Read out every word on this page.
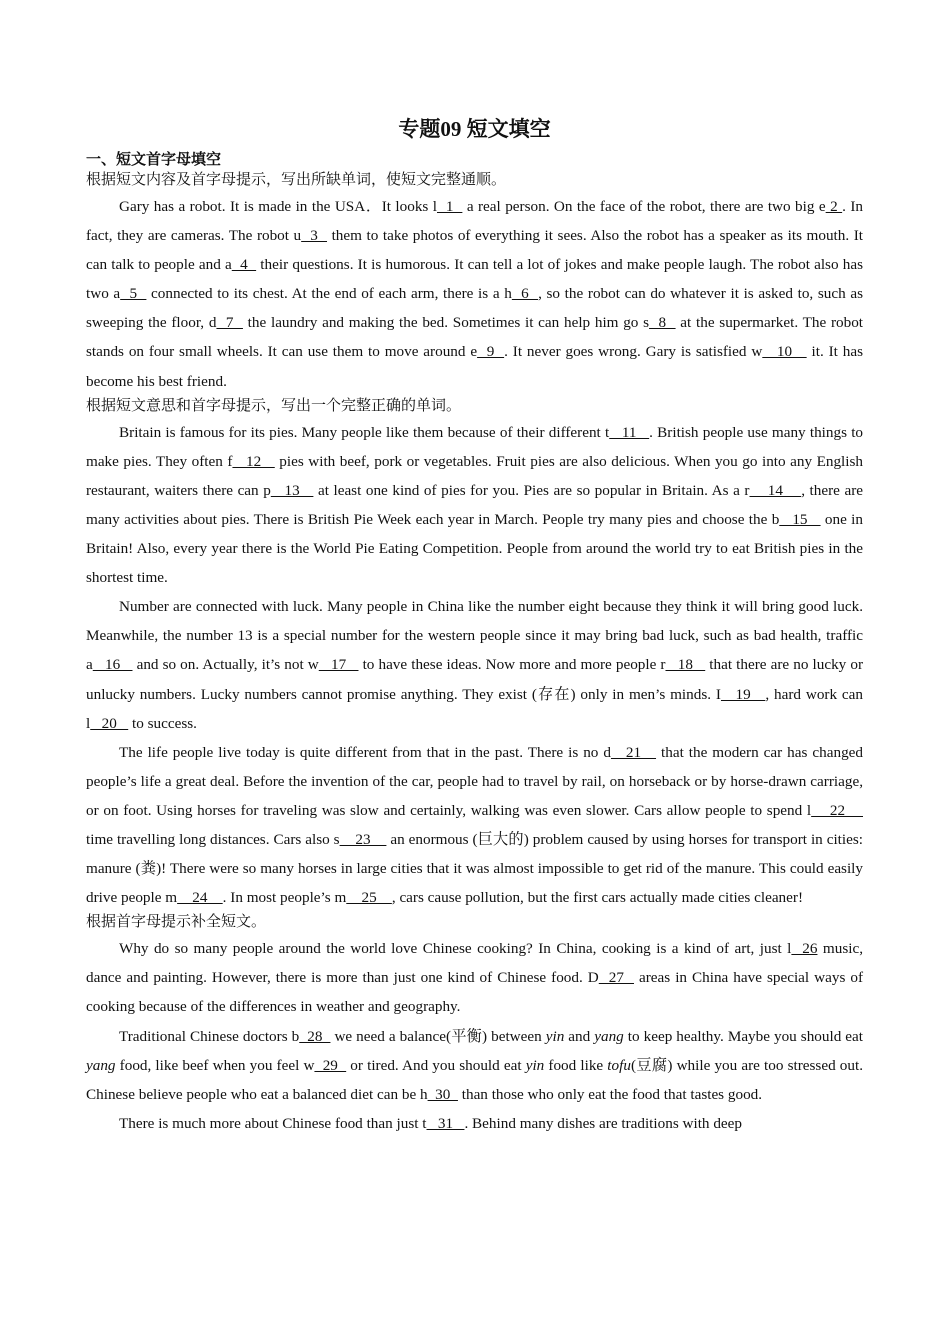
专题09 短文填空

一、短文首字母填空

根据短文内容及首字母提示，写出所缺单词，使短文完整通顺。

Gary has a robot. It is made in the USA．It looks l  1   a real person. On the face of the robot, there are two big e 2 . In fact, they are cameras. The robot u  3   them to take photos of everything it sees. Also the robot has a speaker as its mouth. It can talk to people and a  4   their questions. It is humorous. It can tell a lot of jokes and make people laugh. The robot also has two a  5   connected to its chest. At the end of each arm, there is a h  6  , so the robot can do whatever it is asked to, such as sweeping the floor, d  7   the laundry and making the bed. Sometimes it can help him go s  8   at the supermarket. The robot stands on four small wheels. It can use them to move around e  9  . It never goes wrong. Gary is satisfied w   10    it. It has become his best friend.

根据短文意思和首字母提示，写出一个完整正确的单词。

Britain is famous for its pies. Many people like them because of their different t   11   . British people use many things to make pies. They often f   12    pies with beef, pork or vegetables. Fruit pies are also delicious. When you go into any English restaurant, waiters there can p   13    at least one kind of pies for you. Pies are so popular in Britain. As a r    14    , there are many activities about pies. There is British Pie Week each year in March. People try many pies and choose the b   15    one in Britain! Also, every year there is the World Pie Eating Competition. People from around the world try to eat British pies in the shortest time.

Number are connected with luck. Many people in China like the number eight because they think it will bring good luck. Meanwhile, the number 13 is a special number for the western people since it may bring bad luck, such as bad health, traffic a   16    and so on. Actually, it’s not w   17    to have these ideas. Now more and more people r   18    that there are no lucky or unlucky numbers. Lucky numbers cannot promise anything. They exist (存在) only in men’s minds. I   19   , hard work can l   20    to success.

The life people live today is quite different from that in the past. There is no d   21    that the modern car has changed people’s life a great deal. Before the invention of the car, people had to travel by rail, on horseback or by horse-drawn carriage, or on foot. Using horses for traveling was slow and certainly, walking was even slower. Cars allow people to spend l    22     time travelling long distances. Cars also s    23     an enormous (巨大的) problem caused by using horses for transport in cities: manure (粪)! There were so many horses in large cities that it was almost impossible to get rid of the manure. This could easily drive people m    24    . In most people’s m    25    , cars cause pollution, but the first cars actually made cities cleaner!

根据首字母提示补全短文。

Why do so many people around the world love Chinese cooking? In China, cooking is a kind of art, just l  26 music, dance and painting. However, there is more than just one kind of Chinese food. D  27   areas in China have special ways of cooking because of the differences in weather and geography.

Traditional Chinese doctors b  28   we need a balance(平衡) between yin and yang to keep healthy. Maybe you should eat yang food, like beef when you feel w  29   or tired. And you should eat yin food like tofu(豆腐) while you are too stressed out. Chinese believe people who eat a balanced diet can be h  30   than those who only eat the food that tastes good.

There is much more about Chinese food than just t   31   . Behind many dishes are traditions with deep
